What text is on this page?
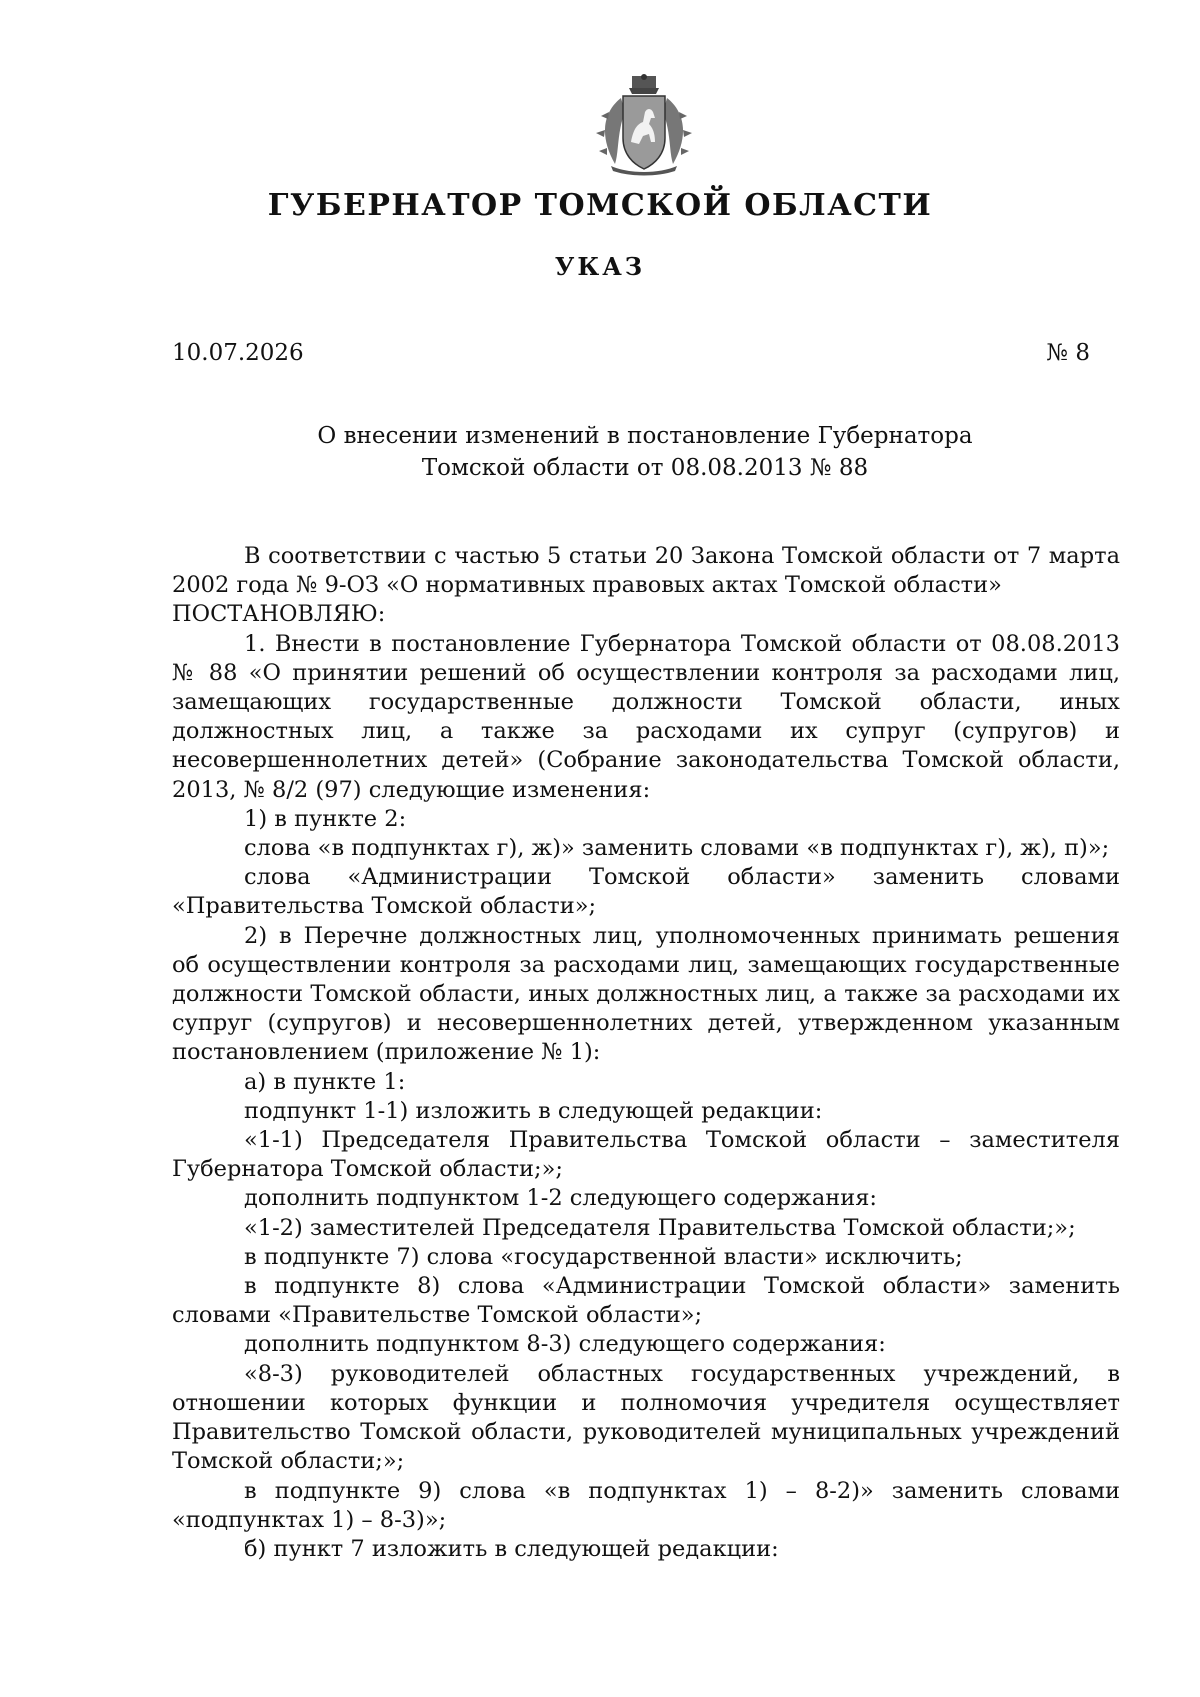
ГУБЕРНАТОР ТОМСКОЙ ОБЛАСТИ
УКАЗ
10.07.2026	№ 8
О внесении изменений в постановление Губернатора
Томской области от 08.08.2013 № 88

В соответствии с частью 5 статьи 20 Закона Томской области от 7 марта 2002 года № 9-ОЗ «О нормативных правовых актах Томской области»

ПОСТАНОВЛЯЮ:

1. Внести в постановление Губернатора Томской области от 08.08.2013 № 88 «О принятии решений об осуществлении контроля за расходами лиц, замещающих государственные должности Томской области, иных должностных лиц, а также за расходами их супруг (супругов) и несовершеннолетних детей» (Собрание законодательства Томской области, 2013, № 8/2 (97) следующие изменения:

1) в пункте 2:

слова «в подпунктах г), ж)» заменить словами «в подпунктах г), ж), п)»;

слова «Администрации Томской области» заменить словами «Правительства Томской области»;

2) в Перечне должностных лиц, уполномоченных принимать решения об осуществлении контроля за расходами лиц, замещающих государственные должности Томской области, иных должностных лиц, а также за расходами их супруг (супругов) и несовершеннолетних детей, утвержденном указанным постановлением (приложение № 1):

а) в пункте 1:

подпункт 1-1) изложить в следующей редакции:

«1-1) Председателя Правительства Томской области – заместителя Губернатора Томской области;»;

дополнить подпунктом 1-2 следующего содержания:

«1-2) заместителей Председателя Правительства Томской области;»;

в подпункте 7) слова «государственной власти» исключить;

в подпункте 8) слова «Администрации Томской области» заменить словами «Правительстве Томской области»;

дополнить подпунктом 8-3) следующего содержания:

«8-3) руководителей областных государственных учреждений, в отношении которых функции и полномочия учредителя осуществляет Правительство Томской области, руководителей муниципальных учреждений Томской области;»;

в подпункте 9) слова «в подпунктах 1) – 8-2)» заменить словами «подпунктах 1) – 8-3)»;

б) пункт 7 изложить в следующей редакции:
